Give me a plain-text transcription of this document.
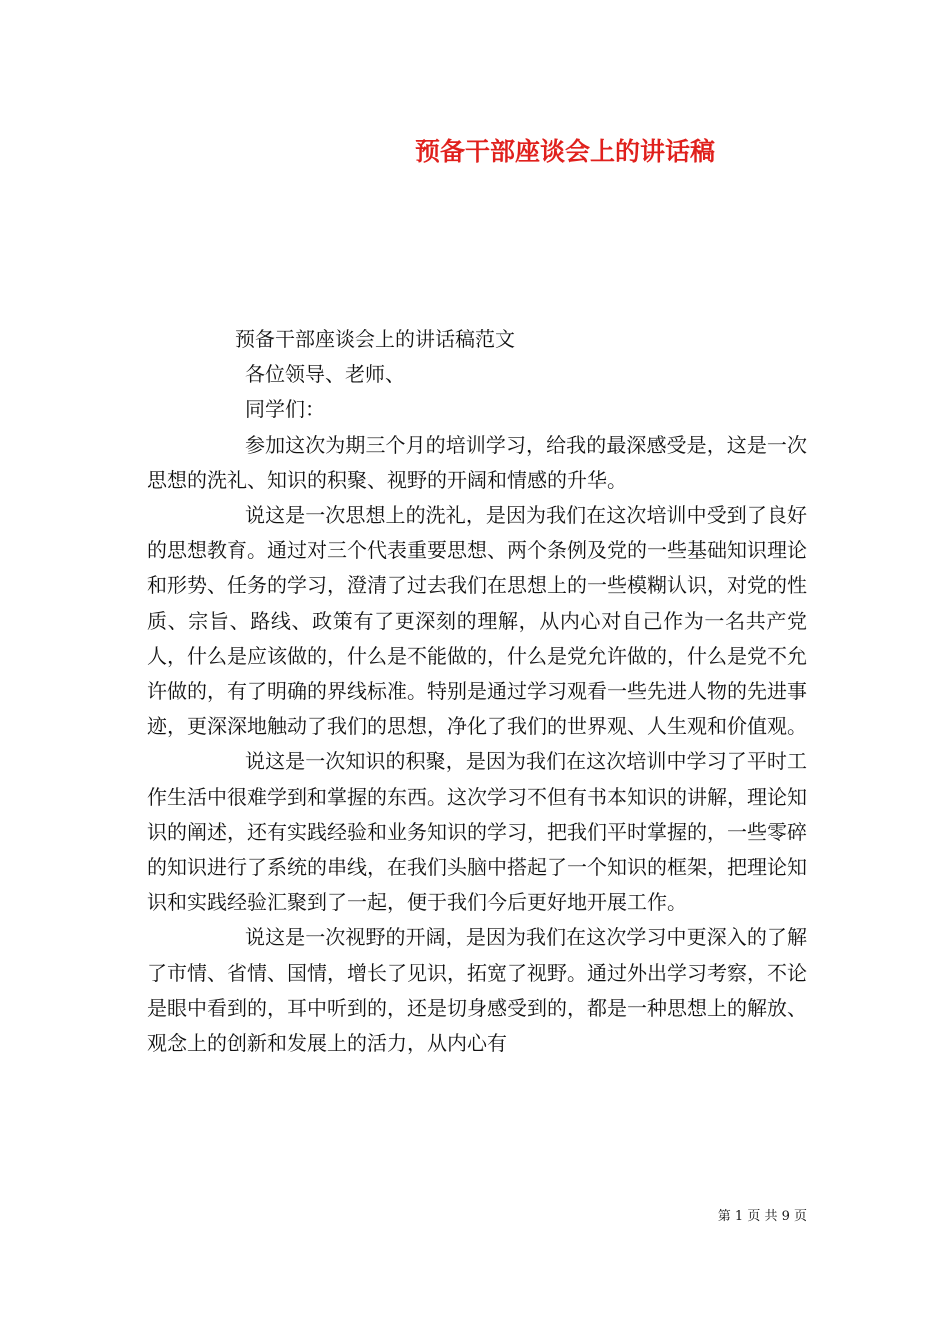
预备干部座谈会上的讲话稿

预备干部座谈会上的讲话稿范文

各位领导、老师、

同学们：

参加这次为期三个月的培训学习，给我的最深感受是，这是一次思想的洗礼、知识的积聚、视野的开阔和情感的升华。

说这是一次思想上的洗礼，是因为我们在这次培训中受到了良好的思想教育。通过对三个代表重要思想、两个条例及党的一些基础知识理论和形势、任务的学习，澄清了过去我们在思想上的一些模糊认识，对党的性质、宗旨、路线、政策有了更深刻的理解，从内心对自己作为一名共产党人，什么是应该做的，什么是不能做的，什么是党允许做的，什么是党不允许做的，有了明确的界线标准。特别是通过学习观看一些先进人物的先进事迹，更深深地触动了我们的思想，净化了我们的世界观、人生观和价值观。

说这是一次知识的积聚，是因为我们在这次培训中学习了平时工作生活中很难学到和掌握的东西。这次学习不但有书本知识的讲解，理论知识的阐述，还有实践经验和业务知识的学习，把我们平时掌握的，一些零碎的知识进行了系统的串线，在我们头脑中搭起了一个知识的框架，把理论知识和实践经验汇聚到了一起，便于我们今后更好地开展工作。

说这是一次视野的开阔，是因为我们在这次学习中更深入的了解了市情、省情、国情，增长了见识，拓宽了视野。通过外出学习考察，不论是眼中看到的，耳中听到的，还是切身感受到的，都是一种思想上的解放、观念上的创新和发展上的活力，从内心有

第 1 页 共 9 页
